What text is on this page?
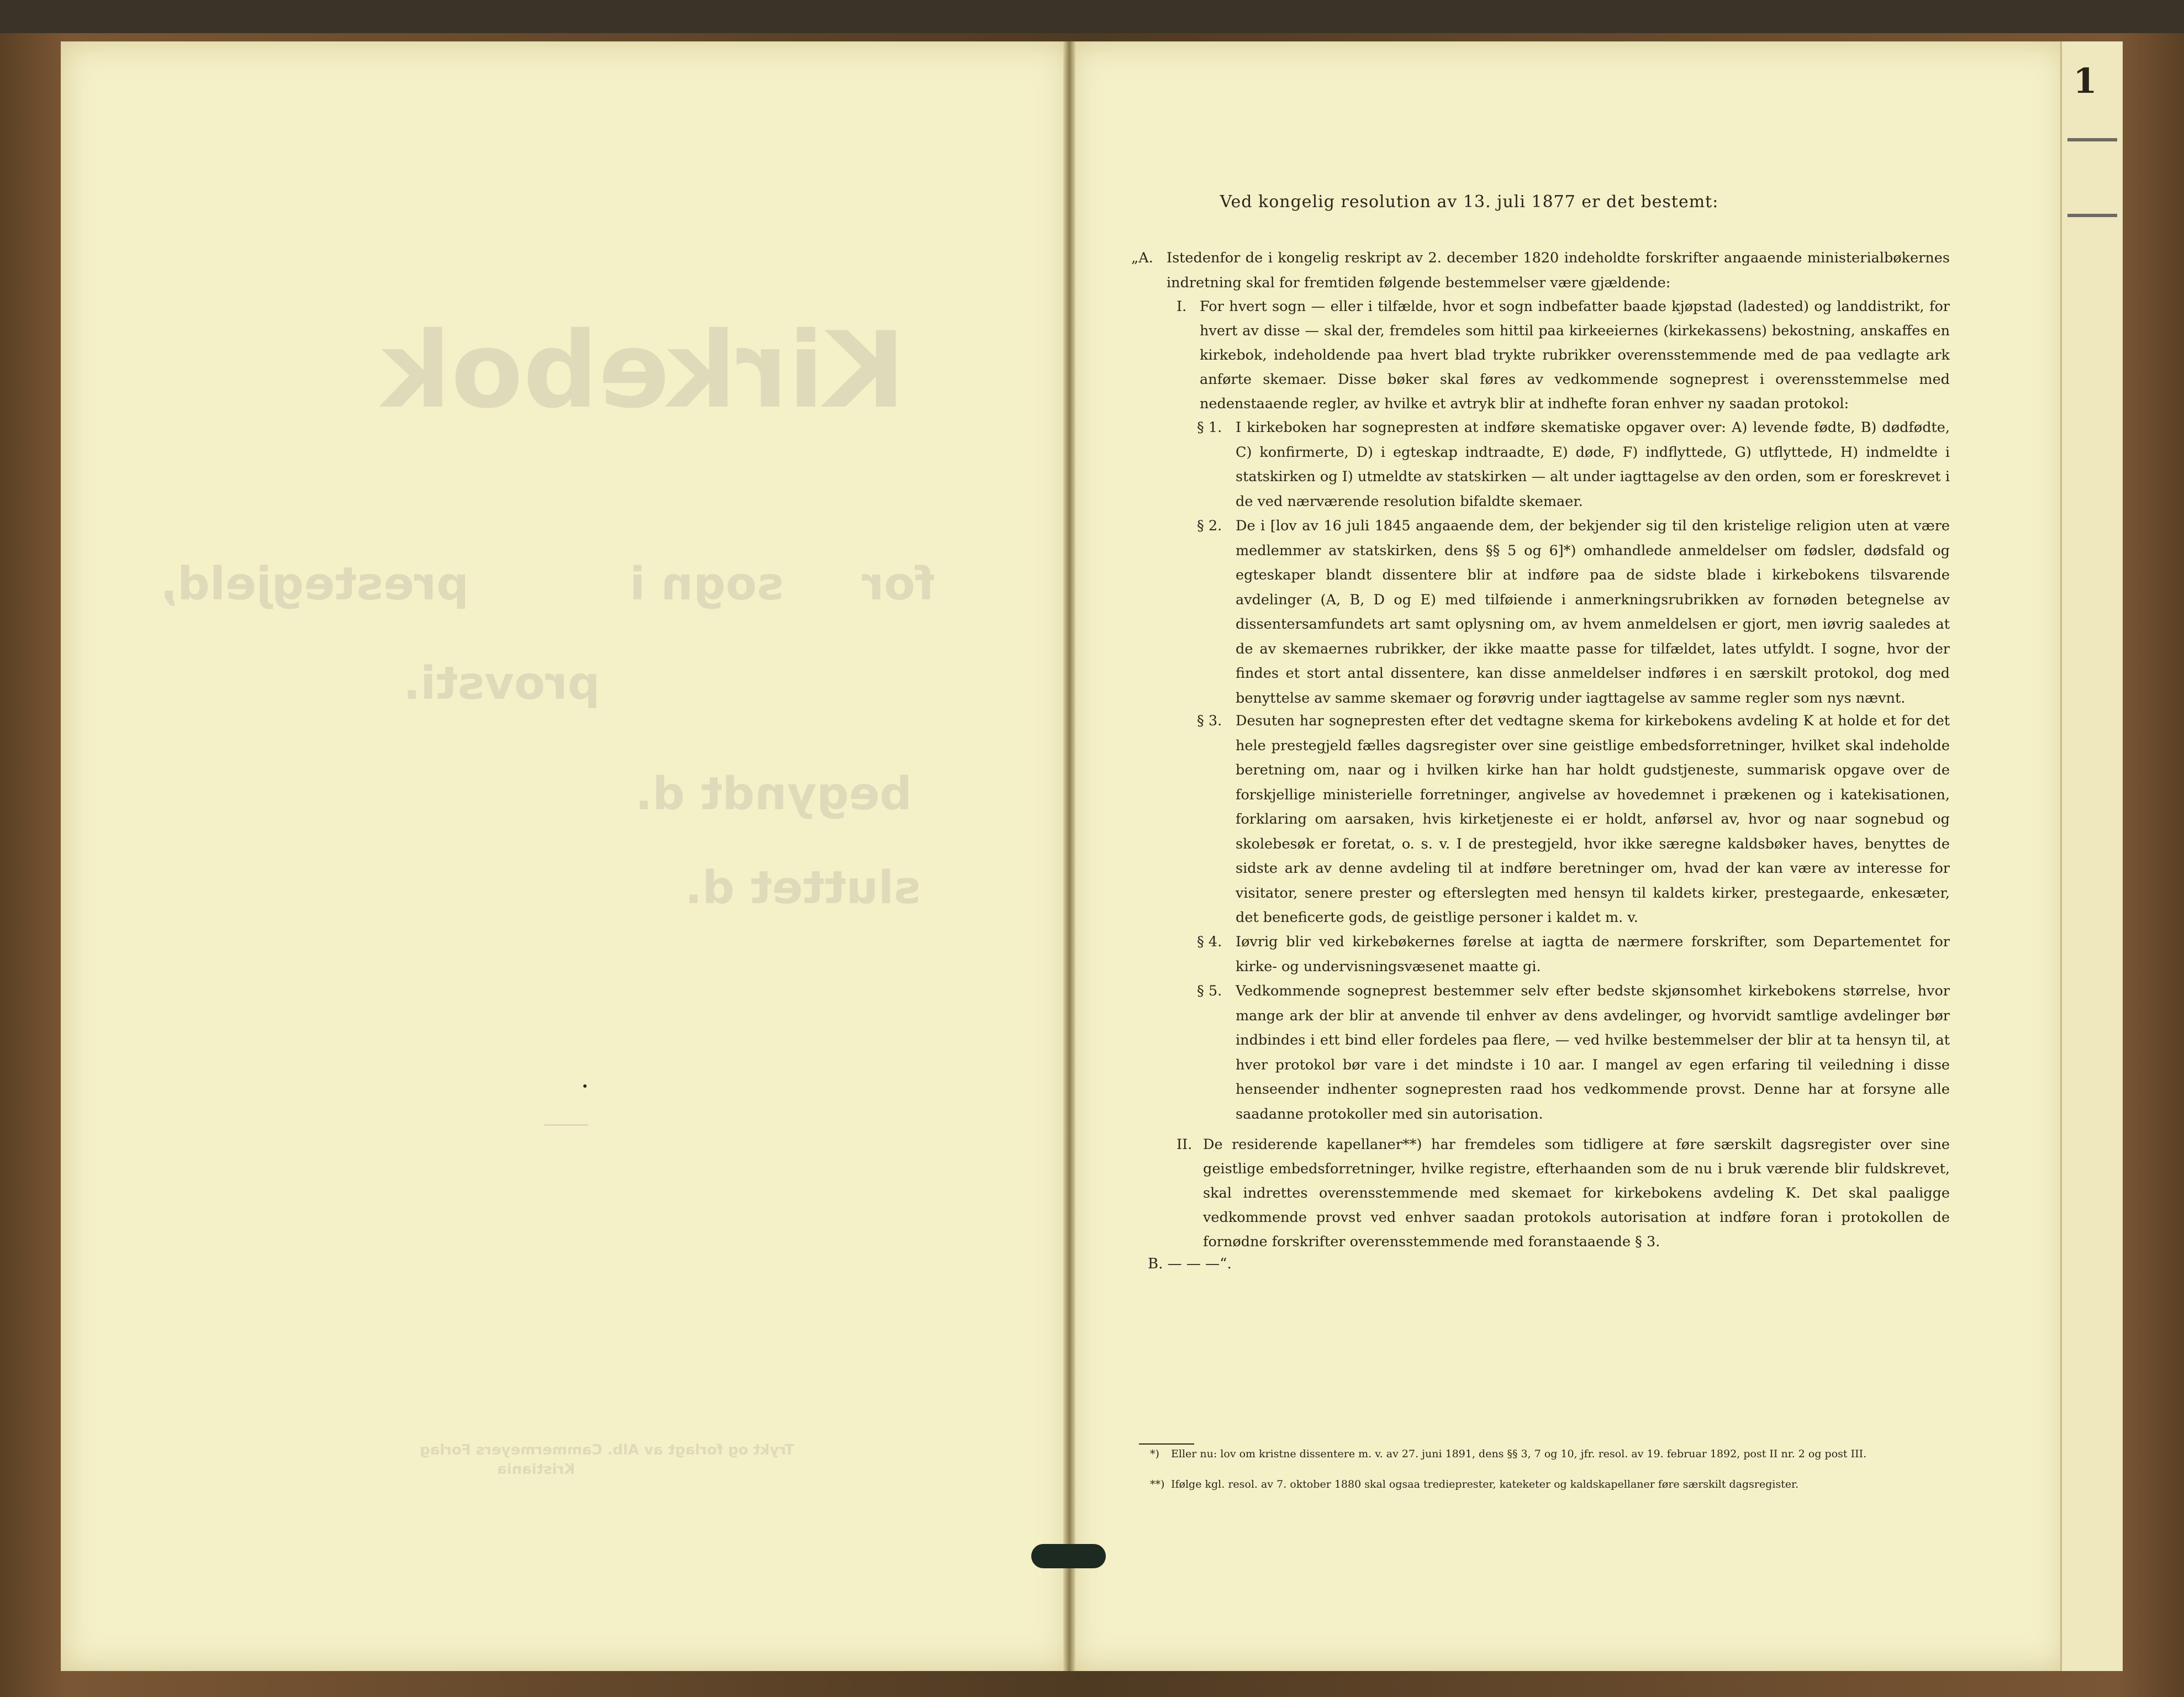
Kirkebok
for
sogn i
prestegjeld,
provsti.
begyndt d.
sluttet d.
Trykt og forlagt av Alb. Cammermeyers Forlag
Kristiania
1
Ved kongelig resolution av 13. juli 1877 er det bestemt:
„A. Istedenfor de i kongelig reskript av 2. december 1820 indeholdte forskrifter angaaende ministerialbøkernes indretning skal for fremtiden følgende bestemmelser være gjældende:
I. For hvert sogn — eller i tilfælde, hvor et sogn indbefatter baade kjøpstad (ladested) og landdistrikt, for hvert av disse — skal der, fremdeles som hittil paa kirkeeiernes (kirkekassens) bekostning, anskaffes en kirkebok, indeholdende paa hvert blad trykte rubrikker overensstemmende med de paa vedlagte ark anførte skemaer. Disse bøker skal føres av vedkommende sogneprest i overensstemmelse med nedenstaaende regler, av hvilke et avtryk blir at indhefte foran enhver ny saadan protokol:
§ 1. I kirkeboken har sognepresten at indføre skematiske opgaver over: A) levende fødte, B) dødfødte, C) konfirmerte, D) i egteskap indtraadte, E) døde, F) indflyttede, G) utflyttede, H) indmeldte i statskirken og I) utmeldte av statskirken — alt under iagttagelse av den orden, som er foreskrevet i de ved nærværende resolution bifaldte skemaer.
§ 2. De i [lov av 16 juli 1845 angaaende dem, der bekjender sig til den kristelige religion uten at være medlemmer av statskirken, dens §§ 5 og 6]*) omhandlede anmeldelser om fødsler, dødsfald og egteskaper blandt dissentere blir at indføre paa de sidste blade i kirkebokens tilsvarende avdelinger (A, B, D og E) med tilføiende i anmerkningsrubrikken av fornøden betegnelse av dissentersamfundets art samt oplysning om, av hvem anmeldelsen er gjort, men iøvrig saaledes at de av skemaernes rubrikker, der ikke maatte passe for tilfældet, lates utfyldt. I sogne, hvor der findes et stort antal dissentere, kan disse anmeldelser indføres i en særskilt protokol, dog med benyttelse av samme skemaer og forøvrig under iagttagelse av samme regler som nys nævnt.
§ 3. Desuten har sognepresten efter det vedtagne skema for kirkebokens avdeling K at holde et for det hele prestegjeld fælles dagsregister over sine geistlige embedsforretninger, hvilket skal indeholde beretning om, naar og i hvilken kirke han har holdt gudstjeneste, summarisk opgave over de forskjellige ministerielle forretninger, angivelse av hovedemnet i prækenen og i katekisationen, forklaring om aarsaken, hvis kirketjeneste ei er holdt, anførsel av, hvor og naar sognebud og skolebesøk er foretat, o. s. v. I de prestegjeld, hvor ikke særegne kaldsbøker haves, benyttes de sidste ark av denne avdeling til at indføre beretninger om, hvad der kan være av interesse for visitator, senere prester og efterslegten med hensyn til kaldets kirker, prestegaarde, enkesæter, det beneficerte gods, de geistlige personer i kaldet m. v.
§ 4. Iøvrig blir ved kirkebøkernes førelse at iagtta de nærmere forskrifter, som Departementet for kirke- og undervisningsvæsenet maatte gi.
§ 5. Vedkommende sogneprest bestemmer selv efter bedste skjønsomhet kirkebokens størrelse, hvor mange ark der blir at anvende til enhver av dens avdelinger, og hvorvidt samtlige avdelinger bør indbindes i ett bind eller fordeles paa flere, — ved hvilke bestemmelser der blir at ta hensyn til, at hver protokol bør vare i det mindste i 10 aar. I mangel av egen erfaring til veiledning i disse henseender indhenter sognepresten raad hos vedkommende provst. Denne har at forsyne alle saadanne protokoller med sin autorisation.
II. De residerende kapellaner**) har fremdeles som tidligere at føre særskilt dagsregister over sine geistlige embedsforretninger, hvilke registre, efterhaanden som de nu i bruk værende blir fuldskrevet, skal indrettes overensstemmende med skemaet for kirkebokens avdeling K. Det skal paaligge vedkommende provst ved enhver saadan protokols autorisation at indføre foran i protokollen de fornødne forskrifter overensstemmende med foranstaaende § 3.
B. — — —“.
*) Eller nu: lov om kristne dissentere m. v. av 27. juni 1891, dens §§ 3, 7 og 10, jfr. resol. av 19. februar 1892, post II nr. 2 og post III.
**) Ifølge kgl. resol. av 7. oktober 1880 skal ogsaa tredieprester, kateketer og kaldskapellaner føre særskilt dagsregister.
